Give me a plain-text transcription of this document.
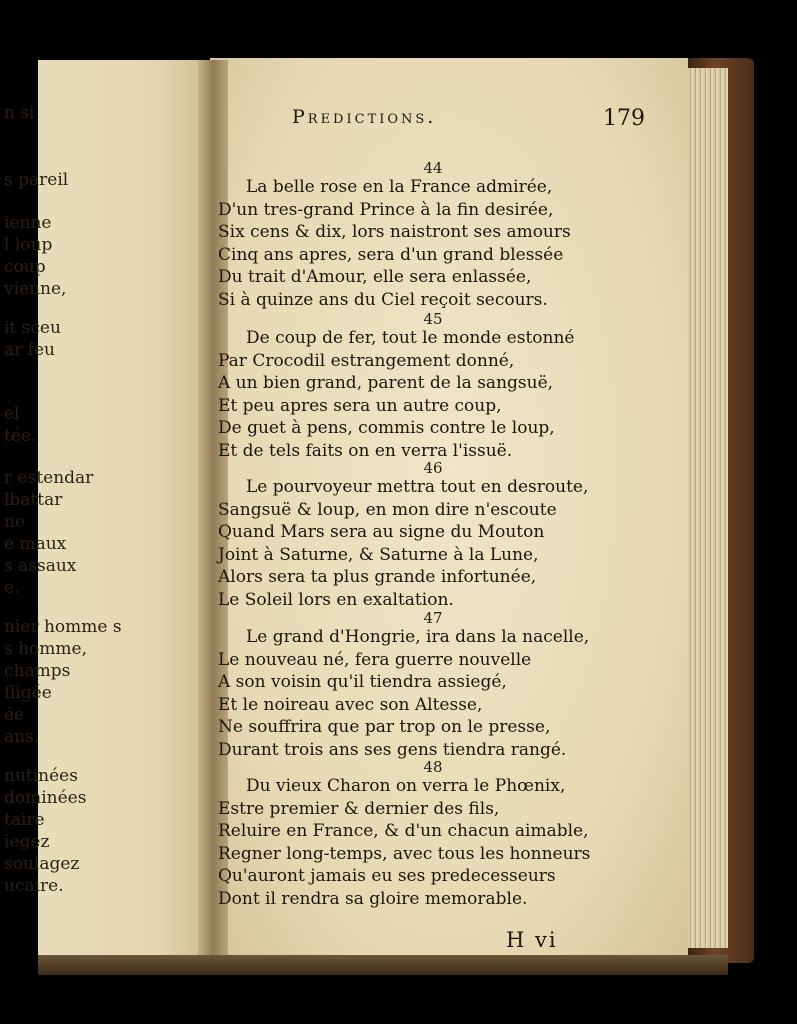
n si
s pareil
ienne
l loup
coup
vienne,
it sceu
ar feu
el
tée.
r estendar
lbattar
ne
e maux
s assaux
e.
nier homme s
s homme,
champs
fligée
ée
ans.
nutinées
dominées
taire
iegez
soulagez
ucaire.
Predictions.	179
44
La belle rose en la France admirée,
D'un tres-grand Prince à la fin desirée,
Six cens & dix, lors naistront ses amours
Cinq ans apres, sera d'un grand blessée
Du trait d'Amour, elle sera enlassée,
Si à quinze ans du Ciel reçoit secours.
45
De coup de fer, tout le monde estonné
Par Crocodil estrangement donné,
A un bien grand, parent de la sangsuë,
Et peu apres sera un autre coup,
De guet à pens, commis contre le loup,
Et de tels faits on en verra l'issuë.
46
Le pourvoyeur mettra tout en desroute,
Sangsuë & loup, en mon dire n'escoute
Quand Mars sera au signe du Mouton
Joint à Saturne, & Saturne à la Lune,
Alors sera ta plus grande infortunée,
Le Soleil lors en exaltation.
47
Le grand d'Hongrie, ira dans la nacelle,
Le nouveau né, fera guerre nouvelle
A son voisin qu'il tiendra assiegé,
Et le noireau avec son Altesse,
Ne souffrira que par trop on le presse,
Durant trois ans ses gens tiendra rangé.
48
Du vieux Charon on verra le Phœnix,
Estre premier & dernier des fils,
Reluire en France, & d'un chacun aimable,
Regner long-temps, avec tous les honneurs
Qu'auront jamais eu ses predecesseurs
Dont il rendra sa gloire memorable.
H vi
